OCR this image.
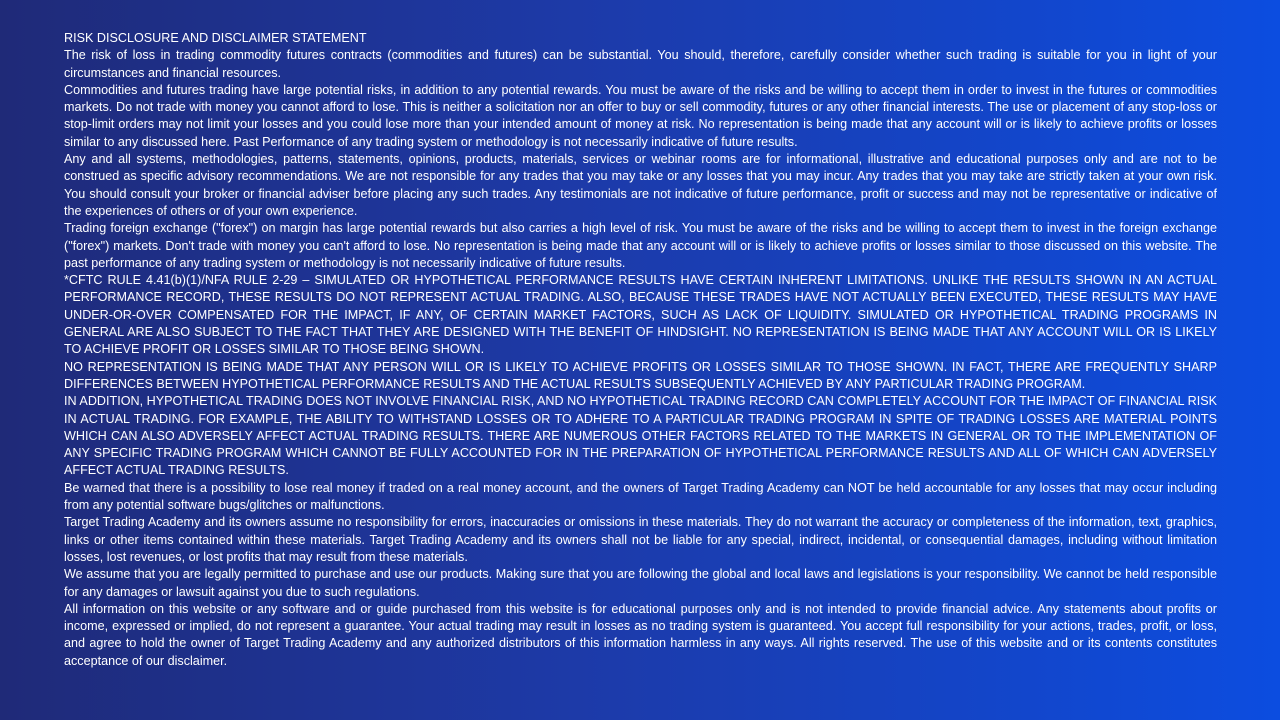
RISK DISCLOSURE AND DISCLAIMER STATEMENT

The risk of loss in trading commodity futures contracts (commodities and futures) can be substantial. You should, therefore, carefully consider whether such trading is suitable for you in light of your circumstances and financial resources.

Commodities and futures trading have large potential risks, in addition to any potential rewards. You must be aware of the risks and be willing to accept them in order to invest in the futures or commodities markets. Do not trade with money you cannot afford to lose. This is neither a solicitation nor an offer to buy or sell commodity, futures or any other financial interests. The use or placement of any stop-loss or stop-limit orders may not limit your losses and you could lose more than your intended amount of money at risk. No representation is being made that any account will or is likely to achieve profits or losses similar to any discussed here. Past Performance of any trading system or methodology is not necessarily indicative of future results.

Any and all systems, methodologies, patterns, statements, opinions, products, materials, services or webinar rooms are for informational, illustrative and educational purposes only and are not to be construed as specific advisory recommendations. We are not responsible for any trades that you may take or any losses that you may incur. Any trades that you may take are strictly taken at your own risk. You should consult your broker or financial adviser before placing any such trades. Any testimonials are not indicative of future performance, profit or success and may not be representative or indicative of the experiences of others or of your own experience.

Trading foreign exchange ("forex") on margin has large potential rewards but also carries a high level of risk. You must be aware of the risks and be willing to accept them to invest in the foreign exchange ("forex") markets. Don't trade with money you can't afford to lose. No representation is being made that any account will or is likely to achieve profits or losses similar to those discussed on this website. The past performance of any trading system or methodology is not necessarily indicative of future results.

*CFTC RULE 4.41(b)(1)/NFA RULE 2-29 – SIMULATED OR HYPOTHETICAL PERFORMANCE RESULTS HAVE CERTAIN INHERENT LIMITATIONS. UNLIKE THE RESULTS SHOWN IN AN ACTUAL PERFORMANCE RECORD, THESE RESULTS DO NOT REPRESENT ACTUAL TRADING. ALSO, BECAUSE THESE TRADES HAVE NOT ACTUALLY BEEN EXECUTED, THESE RESULTS MAY HAVE UNDER-OR-OVER COMPENSATED FOR THE IMPACT, IF ANY, OF CERTAIN MARKET FACTORS, SUCH AS LACK OF LIQUIDITY. SIMULATED OR HYPOTHETICAL TRADING PROGRAMS IN GENERAL ARE ALSO SUBJECT TO THE FACT THAT THEY ARE DESIGNED WITH THE BENEFIT OF HINDSIGHT. NO REPRESENTATION IS BEING MADE THAT ANY ACCOUNT WILL OR IS LIKELY TO ACHIEVE PROFIT OR LOSSES SIMILAR TO THOSE BEING SHOWN.

NO REPRESENTATION IS BEING MADE THAT ANY PERSON WILL OR IS LIKELY TO ACHIEVE PROFITS OR LOSSES SIMILAR TO THOSE SHOWN. IN FACT, THERE ARE FREQUENTLY SHARP DIFFERENCES BETWEEN HYPOTHETICAL PERFORMANCE RESULTS AND THE ACTUAL RESULTS SUBSEQUENTLY ACHIEVED BY ANY PARTICULAR TRADING PROGRAM.

IN ADDITION, HYPOTHETICAL TRADING DOES NOT INVOLVE FINANCIAL RISK, AND NO HYPOTHETICAL TRADING RECORD CAN COMPLETELY ACCOUNT FOR THE IMPACT OF FINANCIAL RISK IN ACTUAL TRADING. FOR EXAMPLE, THE ABILITY TO WITHSTAND LOSSES OR TO ADHERE TO A PARTICULAR TRADING PROGRAM IN SPITE OF TRADING LOSSES ARE MATERIAL POINTS WHICH CAN ALSO ADVERSELY AFFECT ACTUAL TRADING RESULTS. THERE ARE NUMEROUS OTHER FACTORS RELATED TO THE MARKETS IN GENERAL OR TO THE IMPLEMENTATION OF ANY SPECIFIC TRADING PROGRAM WHICH CANNOT BE FULLY ACCOUNTED FOR IN THE PREPARATION OF HYPOTHETICAL PERFORMANCE RESULTS AND ALL OF WHICH CAN ADVERSELY AFFECT ACTUAL TRADING RESULTS.

Be warned that there is a possibility to lose real money if traded on a real money account, and the owners of Target Trading Academy can NOT be held accountable for any losses that may occur including from any potential software bugs/glitches or malfunctions.

Target Trading Academy and its owners assume no responsibility for errors, inaccuracies or omissions in these materials. They do not warrant the accuracy or completeness of the information, text, graphics, links or other items contained within these materials. Target Trading Academy and its owners shall not be liable for any special, indirect, incidental, or consequential damages, including without limitation losses, lost revenues, or lost profits that may result from these materials.

We assume that you are legally permitted to purchase and use our products. Making sure that you are following the global and local laws and legislations is your responsibility. We cannot be held responsible for any damages or lawsuit against you due to such regulations.

All information on this website or any software and or guide purchased from this website is for educational purposes only and is not intended to provide financial advice. Any statements about profits or income, expressed or implied, do not represent a guarantee. Your actual trading may result in losses as no trading system is guaranteed. You accept full responsibility for your actions, trades, profit, or loss, and agree to hold the owner of Target Trading Academy and any authorized distributors of this information harmless in any ways. All rights reserved. The use of this website and or its contents constitutes acceptance of our disclaimer.
